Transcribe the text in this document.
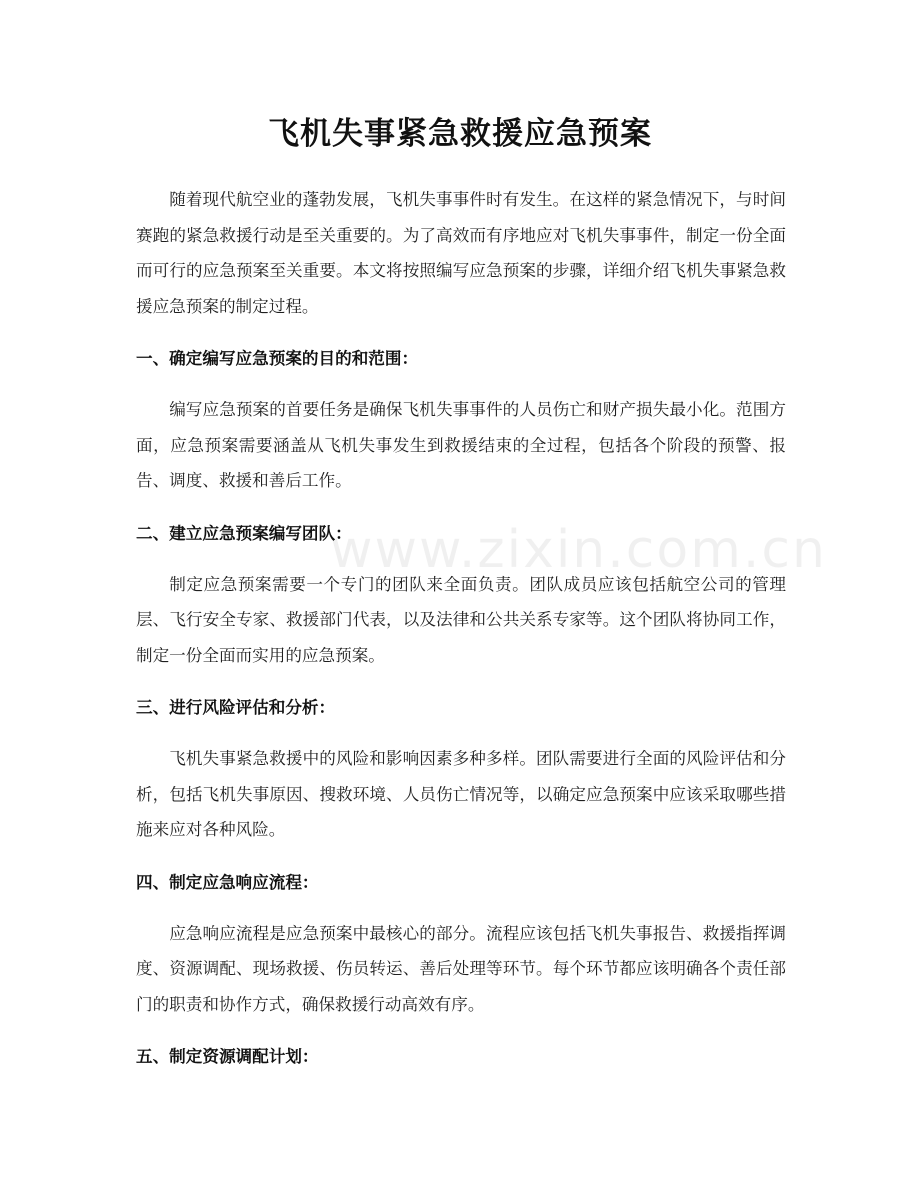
飞机失事紧急救援应急预案
www.zixin.com.cn

随着现代航空业的蓬勃发展，飞机失事事件时有发生。在这样的紧急情况下，与时间赛跑的紧急救援行动是至关重要的。为了高效而有序地应对飞机失事事件，制定一份全面而可行的应急预案至关重要。本文将按照编写应急预案的步骤，详细介绍飞机失事紧急救援应急预案的制定过程。

一、确定编写应急预案的目的和范围：

编写应急预案的首要任务是确保飞机失事事件的人员伤亡和财产损失最小化。范围方面，应急预案需要涵盖从飞机失事发生到救援结束的全过程，包括各个阶段的预警、报告、调度、救援和善后工作。

二、建立应急预案编写团队：

制定应急预案需要一个专门的团队来全面负责。团队成员应该包括航空公司的管理层、飞行安全专家、救援部门代表，以及法律和公共关系专家等。这个团队将协同工作，制定一份全面而实用的应急预案。

三、进行风险评估和分析：

飞机失事紧急救援中的风险和影响因素多种多样。团队需要进行全面的风险评估和分析，包括飞机失事原因、搜救环境、人员伤亡情况等，以确定应急预案中应该采取哪些措施来应对各种风险。

四、制定应急响应流程：

应急响应流程是应急预案中最核心的部分。流程应该包括飞机失事报告、救援指挥调度、资源调配、现场救援、伤员转运、善后处理等环节。每个环节都应该明确各个责任部门的职责和协作方式，确保救援行动高效有序。

五、制定资源调配计划：
